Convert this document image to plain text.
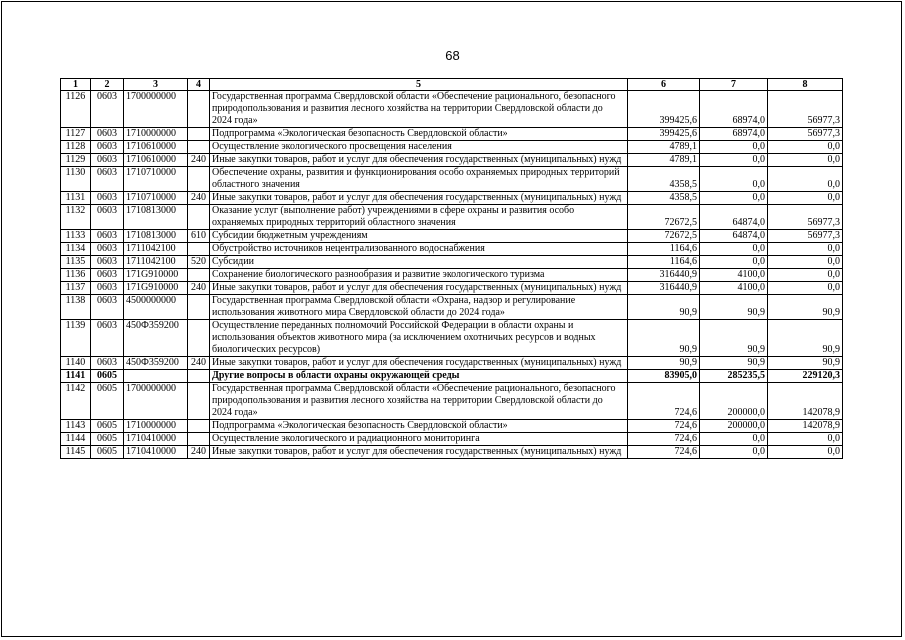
68
1	2	3	4	5	6	7	8
1126	0603	1700000000		Государственная программа Свердловской области «Обеспечение рационального, безопасного природопользования и развития лесного хозяйства на территории Свердловской области до 2024 года»	399425,6	68974,0	56977,3
1127	0603	1710000000		Подпрограмма «Экологическая безопасность Свердловской области»	399425,6	68974,0	56977,3
1128	0603	1710610000		Осуществление экологического просвещения населения	4789,1	0,0	0,0
1129	0603	1710610000	240	Иные закупки товаров, работ и услуг для обеспечения государственных (муниципальных) нужд	4789,1	0,0	0,0
1130	0603	1710710000		Обеспечение охраны, развития и функционирования особо охраняемых природных территорий областного значения	4358,5	0,0	0,0
1131	0603	1710710000	240	Иные закупки товаров, работ и услуг для обеспечения государственных (муниципальных) нужд	4358,5	0,0	0,0
1132	0603	1710813000		Оказание услуг (выполнение работ) учреждениями в сфере охраны и развития особо охраняемых природных территорий областного значения	72672,5	64874,0	56977,3
1133	0603	1710813000	610	Субсидии бюджетным учреждениям	72672,5	64874,0	56977,3
1134	0603	1711042100		Обустройство источников нецентрализованного водоснабжения	1164,6	0,0	0,0
1135	0603	1711042100	520	Субсидии	1164,6	0,0	0,0
1136	0603	171G910000		Сохранение биологического разнообразия и развитие экологического туризма	316440,9	4100,0	0,0
1137	0603	171G910000	240	Иные закупки товаров, работ и услуг для обеспечения государственных (муниципальных) нужд	316440,9	4100,0	0,0
1138	0603	4500000000		Государственная программа Свердловской области «Охрана, надзор и регулирование использования животного мира Свердловской области до 2024 года»	90,9	90,9	90,9
1139	0603	450Ф359200		Осуществление переданных полномочий Российской Федерации в области охраны и использования объектов животного мира (за исключением охотничьих ресурсов и водных биологических ресурсов)	90,9	90,9	90,9
1140	0603	450Ф359200	240	Иные закупки товаров, работ и услуг для обеспечения государственных (муниципальных) нужд	90,9	90,9	90,9
1141	0605			Другие вопросы в области охраны окружающей среды	83905,0	285235,5	229120,3
1142	0605	1700000000		Государственная программа Свердловской области «Обеспечение рационального, безопасного природопользования и развития лесного хозяйства на территории Свердловской области до 2024 года»	724,6	200000,0	142078,9
1143	0605	1710000000		Подпрограмма «Экологическая безопасность Свердловской области»	724,6	200000,0	142078,9
1144	0605	1710410000		Осуществление экологического и радиационного мониторинга	724,6	0,0	0,0
1145	0605	1710410000	240	Иные закупки товаров, работ и услуг для обеспечения государственных (муниципальных) нужд	724,6	0,0	0,0
